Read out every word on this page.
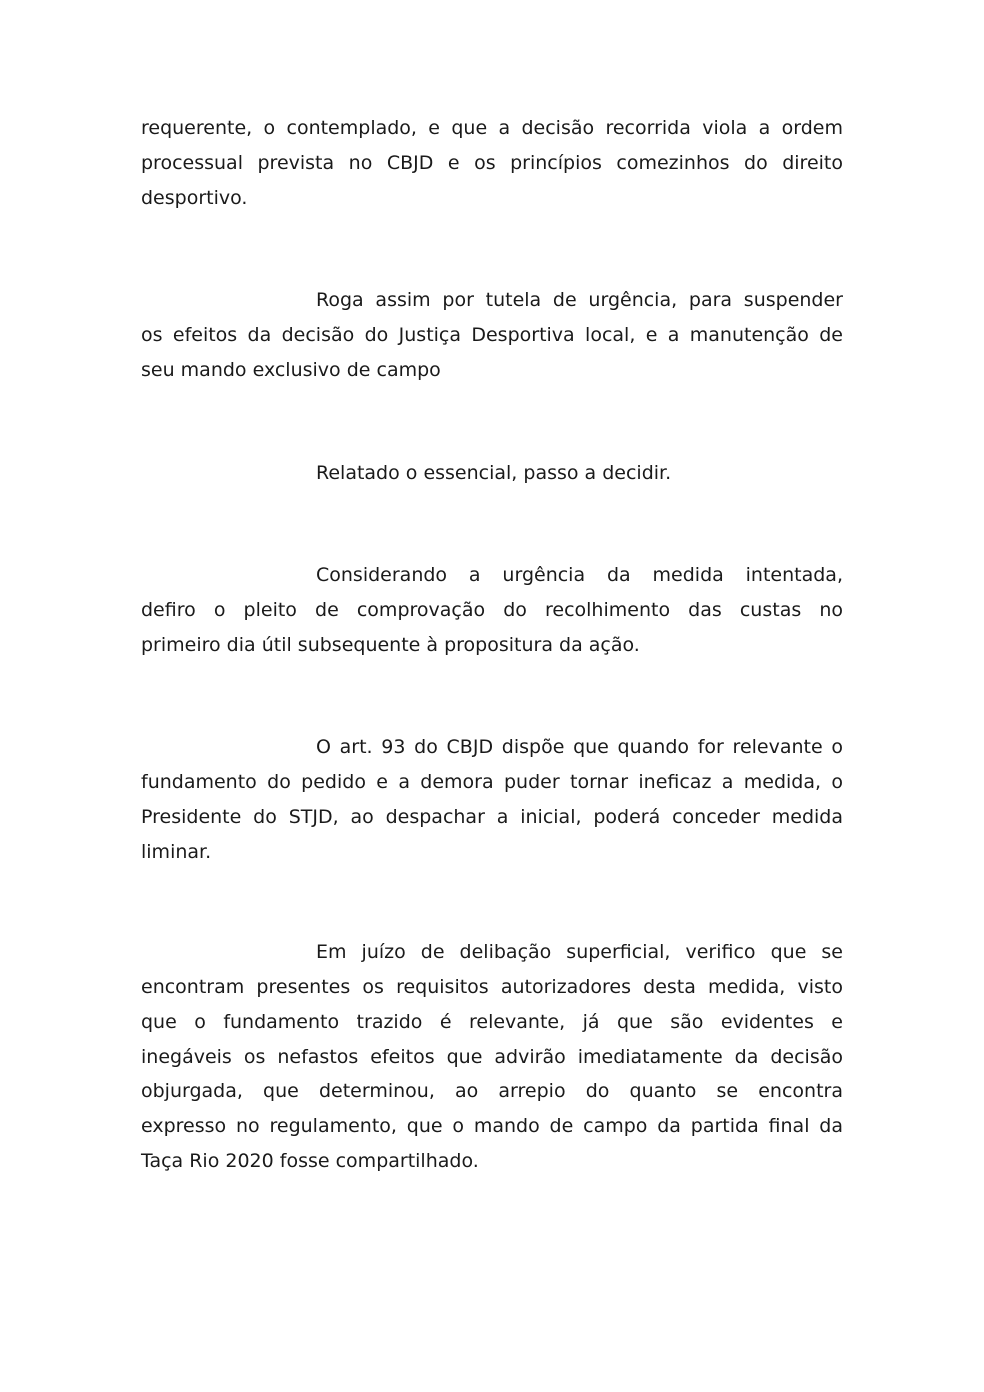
requerente, o contemplado, e que a decisão recorrida viola a ordem
processual prevista no CBJD e os princípios comezinhos do direito
desportivo.
Roga assim por tutela de urgência, para suspender
os efeitos da decisão do Justiça Desportiva local, e a manutenção de
seu mando exclusivo de campo
Relatado o essencial, passo a decidir.
Considerando a urgência da medida intentada,
defiro o pleito de comprovação do recolhimento das custas no
primeiro dia útil subsequente à propositura da ação.
O art. 93 do CBJD dispõe que quando for relevante o
fundamento do pedido e a demora puder tornar ineficaz a medida, o
Presidente do STJD, ao despachar a inicial, poderá conceder medida
liminar.
Em juízo de delibação superficial, verifico que se
encontram presentes os requisitos autorizadores desta medida, visto
que o fundamento trazido é relevante, já que são evidentes e
inegáveis os nefastos efeitos que advirão imediatamente da decisão
objurgada, que determinou, ao arrepio do quanto se encontra
expresso no regulamento, que o mando de campo da partida final da
Taça Rio 2020 fosse compartilhado.
